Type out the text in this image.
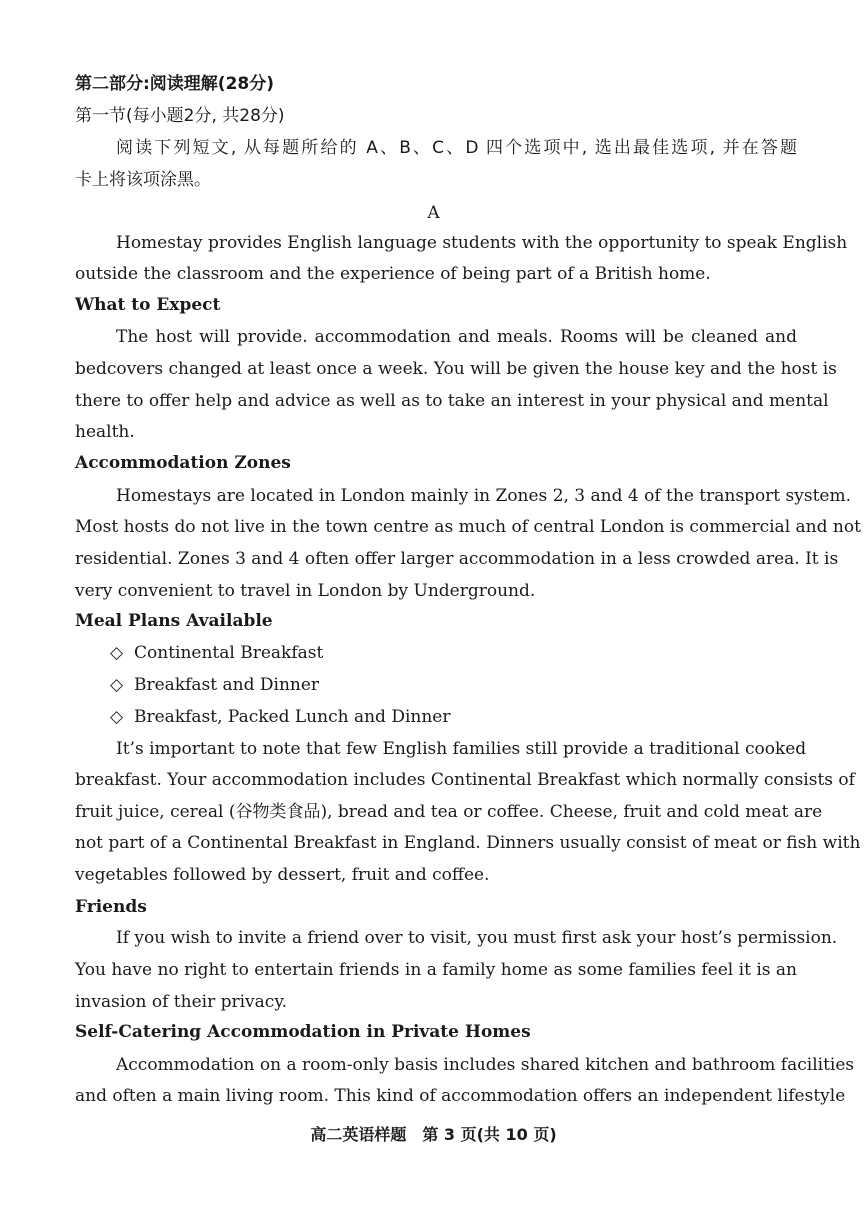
第二部分:阅读理解(28分)
第一节(每小题2分, 共28分)
阅读下列短文, 从每题所给的 A、B、C、D 四个选项中, 选出最佳选项, 并在答题
卡上将该项涂黑。
A
Homestay provides English language students with the opportunity to speak English
outside the classroom and the experience of being part of a British home.
What to Expect
The host will provide. accommodation and meals. Rooms will be cleaned and
bedcovers changed at least once a week. You will be given the house key and the host is
there to offer help and advice as well as to take an interest in your physical and mental
health.
Accommodation Zones
Homestays are located in London mainly in Zones 2, 3 and 4 of the transport system.
Most hosts do not live in the town centre as much of central London is commercial and not
residential. Zones 3 and 4 often offer larger accommodation in a less crowded area. It is
very convenient to travel in London by Underground.
Meal Plans Available
◇ Continental Breakfast
◇ Breakfast and Dinner
◇ Breakfast, Packed Lunch and Dinner
It’s important to note that few English families still provide a traditional cooked
breakfast. Your accommodation includes Continental Breakfast which normally consists of
fruit juice, cereal (谷物类食品), bread and tea or coffee. Cheese, fruit and cold meat are
not part of a Continental Breakfast in England. Dinners usually consist of meat or fish with
vegetables followed by dessert, fruit and coffee.
Friends
If you wish to invite a friend over to visit, you must first ask your host’s permission.
You have no right to entertain friends in a family home as some families feel it is an
invasion of their privacy.
Self-Catering Accommodation in Private Homes
Accommodation on a room-only basis includes shared kitchen and bathroom facilities
and often a main living room. This kind of accommodation offers an independent lifestyle
高二英语样题　第 3 页(共 10 页)
